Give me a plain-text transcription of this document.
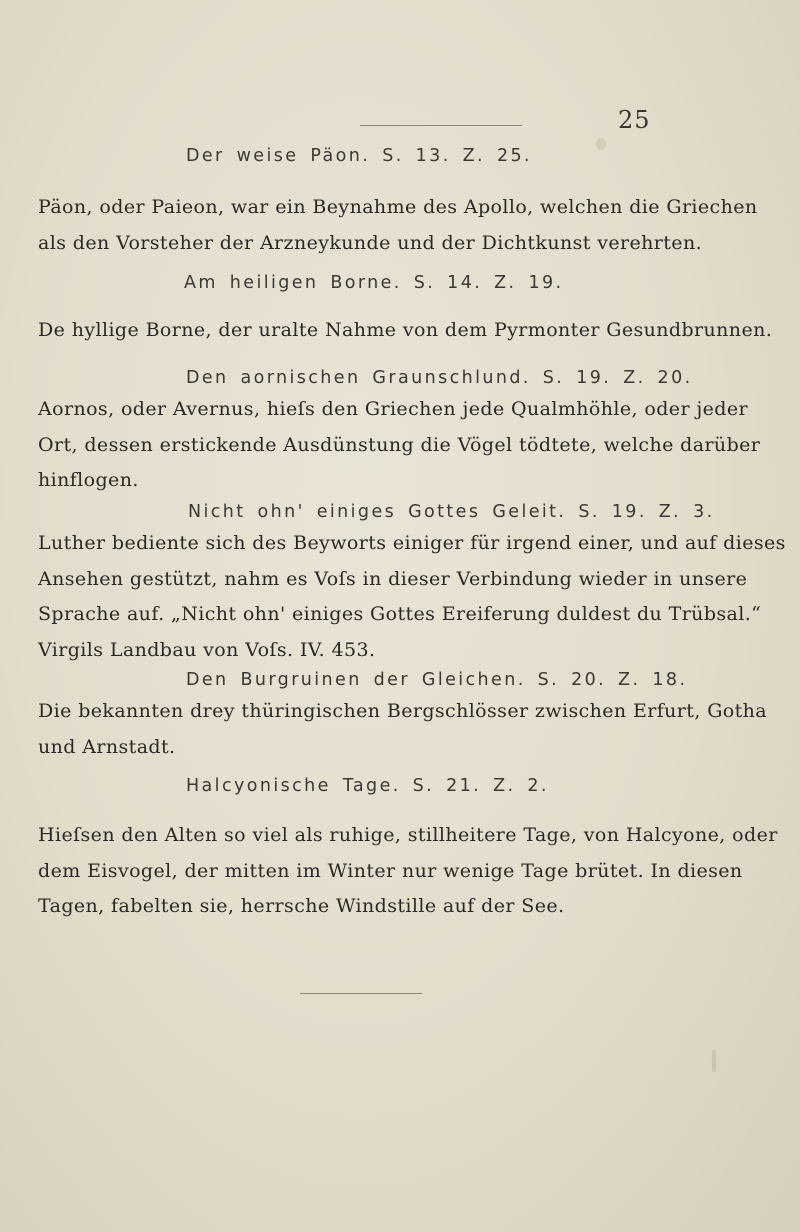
25
Der weise Päon. S. 13. Z. 25.
Päon, oder Paieon, war ein Beynahme des Apollo, welchen die Griechen
als den Vorsteher der Arzneykunde und der Dichtkunst verehrten.
Am heiligen Borne. S. 14. Z. 19.
De hyllige Borne, der uralte Nahme von dem Pyrmonter Gesundbrunnen.
Den aornischen Graunschlund. S. 19. Z. 20.
Aornos, oder Avernus, hieſs den Griechen jede Qualmhöhle, oder jeder
Ort, dessen erstickende Ausdünstung die Vögel tödtete, welche darüber
hinflogen.
Nicht ohn' einiges Gottes Geleit. S. 19. Z. 3.
Luther bediente sich des Beyworts einiger für irgend einer, und auf dieses
Ansehen gestützt, nahm es Voſs in dieser Verbindung wieder in unsere
Sprache auf. „Nicht ohn' einiges Gottes Ereiferung duldest du Trübsal.“
Virgils Landbau von Voſs. IV. 453.
Den Burgruinen der Gleichen. S. 20. Z. 18.
Die bekannten drey thüringischen Bergschlösser zwischen Erfurt, Gotha
und Arnstadt.
Halcyonische Tage. S. 21. Z. 2.
Hieſsen den Alten so viel als ruhige, stillheitere Tage, von Halcyone, oder
dem Eisvogel, der mitten im Winter nur wenige Tage brütet. In diesen
Tagen, fabelten sie, herrsche Windstille auf der See.
